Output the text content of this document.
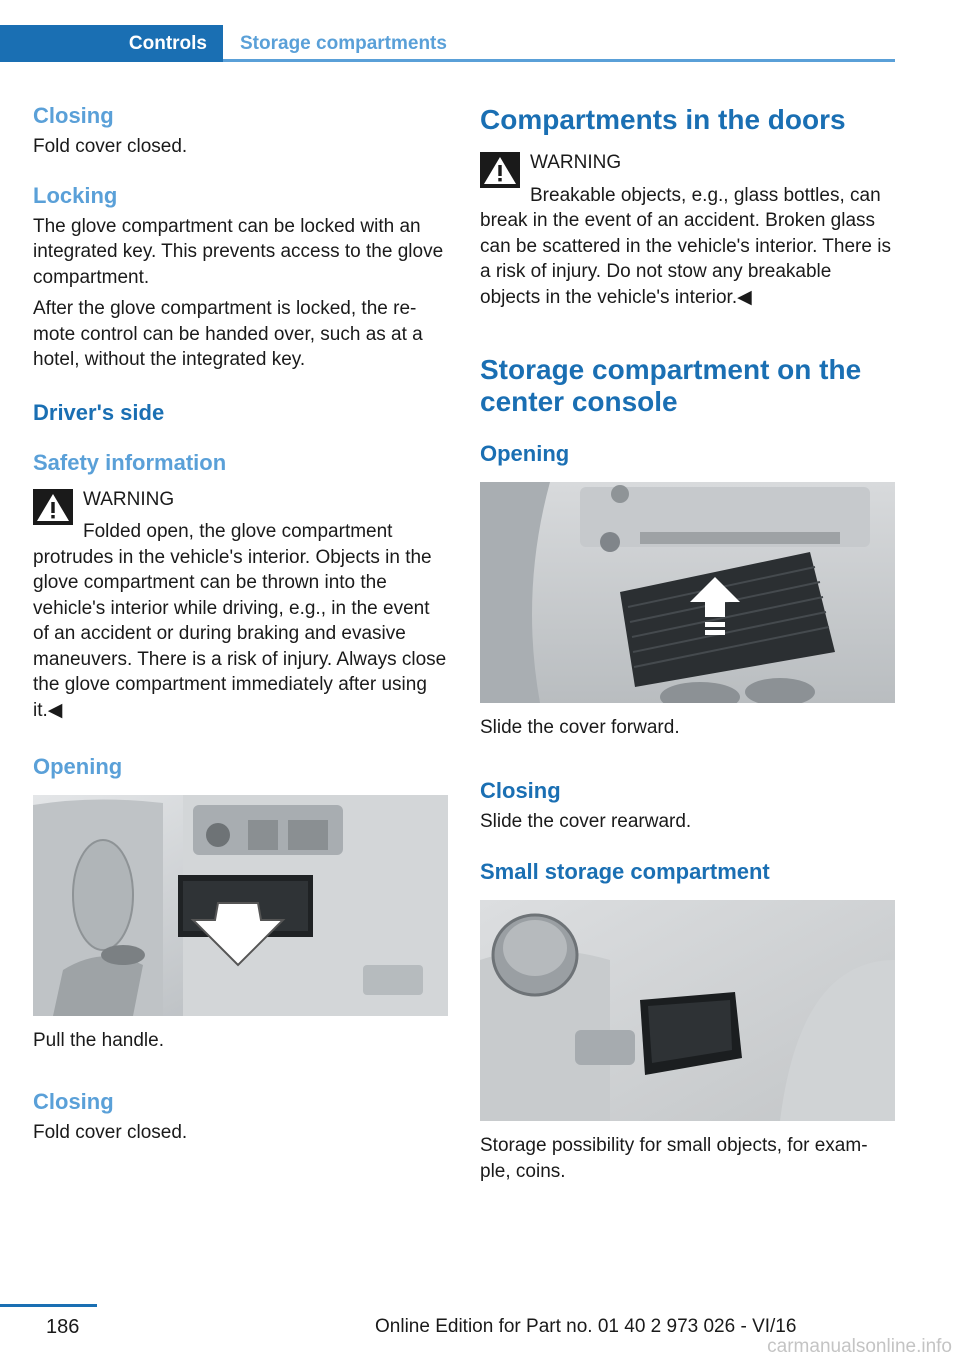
Controls	Storage compartments
Closing

Fold cover closed.

Locking

The glove compartment can be locked with an integrated key. This prevents access to the glove compartment.

After the glove compartment is locked, the re-mote control can be handed over, such as at a hotel, without the integrated key.

Driver's side
Safety information
WARNING

Folded open, the glove compartment protrudes in the vehicle's interior. Objects in the glove compartment can be thrown into the vehicle's interior while driving, e.g., in the event of an accident or during braking and evasive maneuvers. There is a risk of injury. Always close the glove compartment immediately after using it.◀

Opening

Pull the handle.

Closing

Fold cover closed.

Compartments in the doors
WARNING

Breakable objects, e.g., glass bottles, can break in the event of an accident. Broken glass can be scattered in the vehicle's interior. There is a risk of injury. Do not stow any breakable objects in the vehicle's interior.◀

Storage compartment on the center console
Opening

Slide the cover forward.

Closing

Slide the cover rearward.

Small storage compartment

Storage possibility for small objects, for exam-ple, coins.

186	Online Edition for Part no. 01 40 2 973 026 - VI/16
carmanualsonline.info
